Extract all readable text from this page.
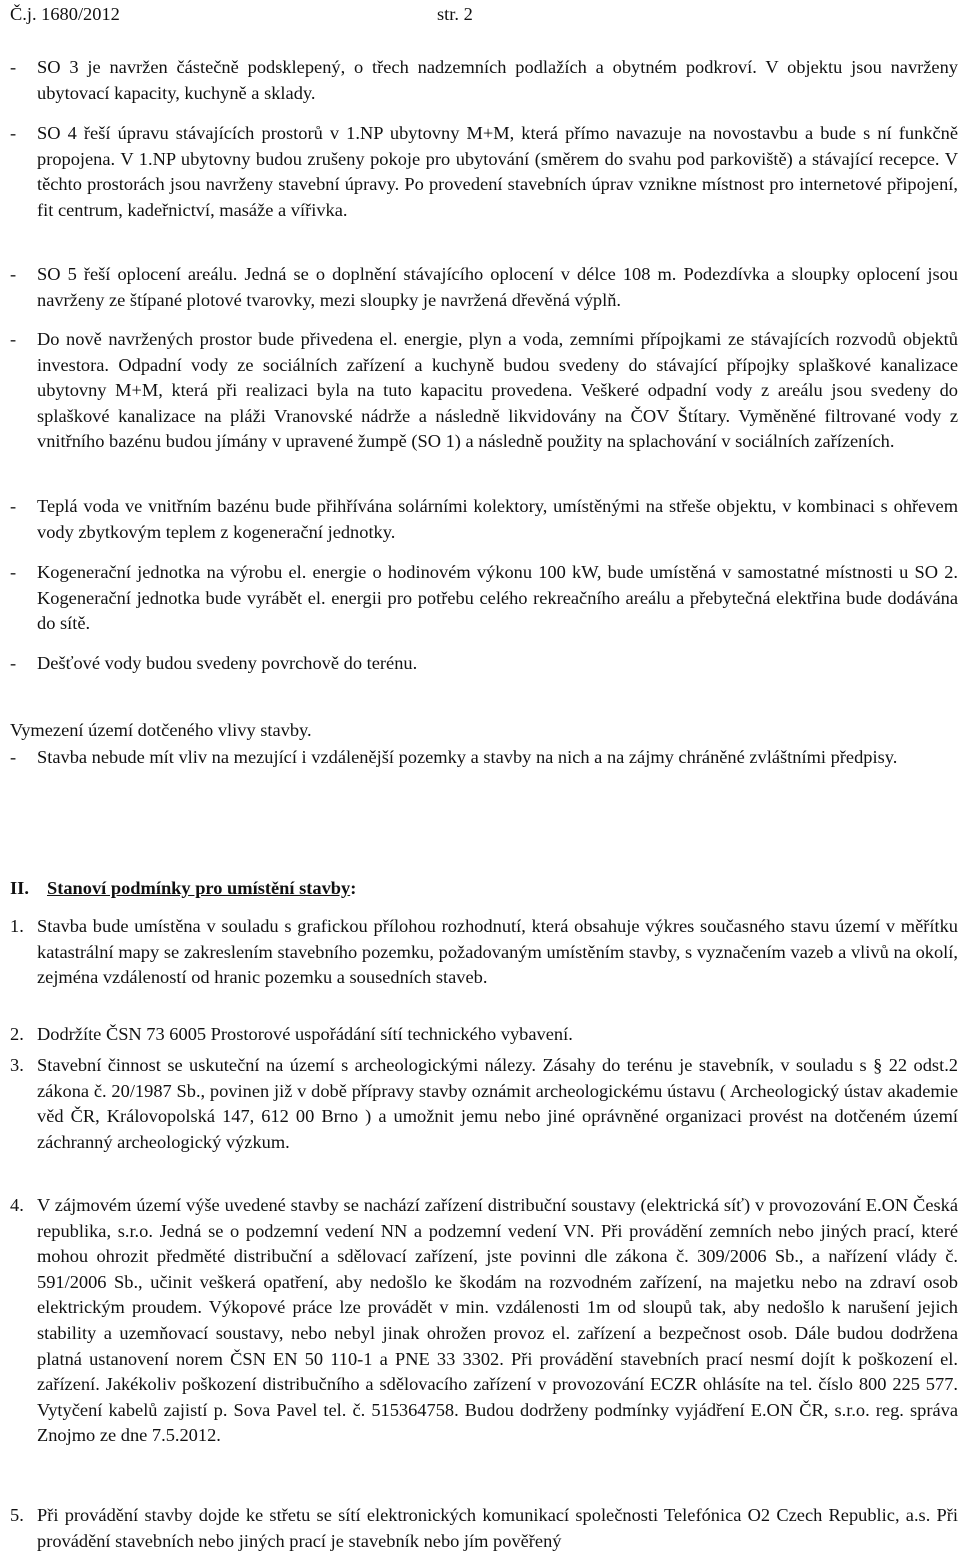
Č.j. 1680/2012	str. 2
- SO 3 je navržen částečně podsklepený, o třech nadzemních podlažích a obytném podkroví. V objektu jsou navrženy ubytovací kapacity, kuchyně a sklady.
- SO 4 řeší úpravu stávajících prostorů v 1.NP ubytovny M+M, která přímo navazuje na novostavbu a bude s ní funkčně propojena. V 1.NP ubytovny budou zrušeny pokoje pro ubytování (směrem do svahu pod parkoviště) a stávající recepce. V těchto prostorách jsou navrženy stavební úpravy. Po provedení stavebních úprav vznikne místnost pro internetové připojení, fit centrum, kadeřnictví, masáže a vířivka.
- SO 5 řeší oplocení areálu. Jedná se o doplnění stávajícího oplocení v délce 108 m. Podezdívka a sloupky oplocení jsou navrženy ze štípané plotové tvarovky, mezi sloupky je navržená dřevěná výplň.
- Do nově navržených prostor bude přivedena el. energie, plyn a voda, zemními přípojkami ze stávajících rozvodů objektů investora. Odpadní vody ze sociálních zařízení a kuchyně budou svedeny do stávající přípojky splaškové kanalizace ubytovny M+M, která při realizaci byla na tuto kapacitu provedena. Veškeré odpadní vody z areálu jsou svedeny do splaškové kanalizace na pláži Vranovské nádrže a následně likvidovány na ČOV Štítary. Vyměněné filtrované vody z vnitřního bazénu budou jímány v upravené žumpě (SO 1) a následně použity na splachování v sociálních zařízeních.
- Teplá voda ve vnitřním bazénu bude přihřívána solárními kolektory, umístěnými na střeše objektu, v kombinaci s ohřevem vody zbytkovým teplem z kogenerační jednotky.
- Kogenerační jednotka na výrobu el. energie o hodinovém výkonu 100 kW, bude umístěná v samostatné místnosti u SO 2. Kogenerační jednotka bude vyrábět el. energii pro potřebu celého rekreačního areálu a přebytečná elektřina bude dodávána do sítě.
- Dešťové vody budou svedeny povrchově do terénu.
Vymezení území dotčeného vlivy stavby.
- Stavba nebude mít vliv na mezující i vzdálenější pozemky a stavby na nich a na zájmy chráněné zvláštními předpisy.
II. Stanoví podmínky pro umístění stavby:
1. Stavba bude umístěna v souladu s grafickou přílohou rozhodnutí, která obsahuje výkres současného stavu území v měřítku katastrální mapy se zakreslením stavebního pozemku, požadovaným umístěním stavby, s vyznačením vazeb a vlivů na okolí, zejména vzdáleností od hranic pozemku a sousedních staveb.
2. Dodržíte ČSN 73 6005 Prostorové uspořádání sítí technického vybavení.
3. Stavební činnost se uskuteční na území s archeologickými nálezy. Zásahy do terénu je stavebník, v souladu s § 22 odst.2 zákona č. 20/1987 Sb., povinen již v době přípravy stavby oznámit archeologickému ústavu ( Archeologický ústav akademie věd ČR, Královopolská 147, 612 00 Brno ) a umožnit jemu nebo jiné oprávněné organizaci provést na dotčeném území záchranný archeologický výzkum.
4. V zájmovém území výše uvedené stavby se nachází zařízení distribuční soustavy (elektrická síť) v provozování E.ON Česká republika, s.r.o. Jedná se o podzemní vedení NN a podzemní vedení VN. Při provádění zemních nebo jiných prací, které mohou ohrozit předměté distribuční a sdělovací zařízení, jste povinni dle zákona č. 309/2006 Sb., a nařízení vlády č. 591/2006 Sb., učinit veškerá opatření, aby nedošlo ke škodám na rozvodném zařízení, na majetku nebo na zdraví osob elektrickým proudem. Výkopové práce lze provádět v min. vzdálenosti 1m od sloupů tak, aby nedošlo k narušení jejich stability a uzemňovací soustavy, nebo nebyl jinak ohrožen provoz el. zařízení a bezpečnost osob. Dále budou dodržena platná ustanovení norem ČSN EN 50 110-1 a PNE 33 3302. Při provádění stavebních prací nesmí dojít k poškození el. zařízení. Jakékoliv poškození distribučního a sdělovacího zařízení v provozování ECZR ohlásíte na tel. číslo 800 225 577. Vytyčení kabelů zajistí p. Sova Pavel tel. č. 515364758. Budou dodrženy podmínky vyjádření E.ON ČR, s.r.o. reg. správa Znojmo ze dne 7.5.2012.
5. Při provádění stavby dojde ke střetu se sítí elektronických komunikací společnosti Telefónica O2 Czech Republic, a.s. Při provádění stavebních nebo jiných prací je stavebník nebo jím pověřený
